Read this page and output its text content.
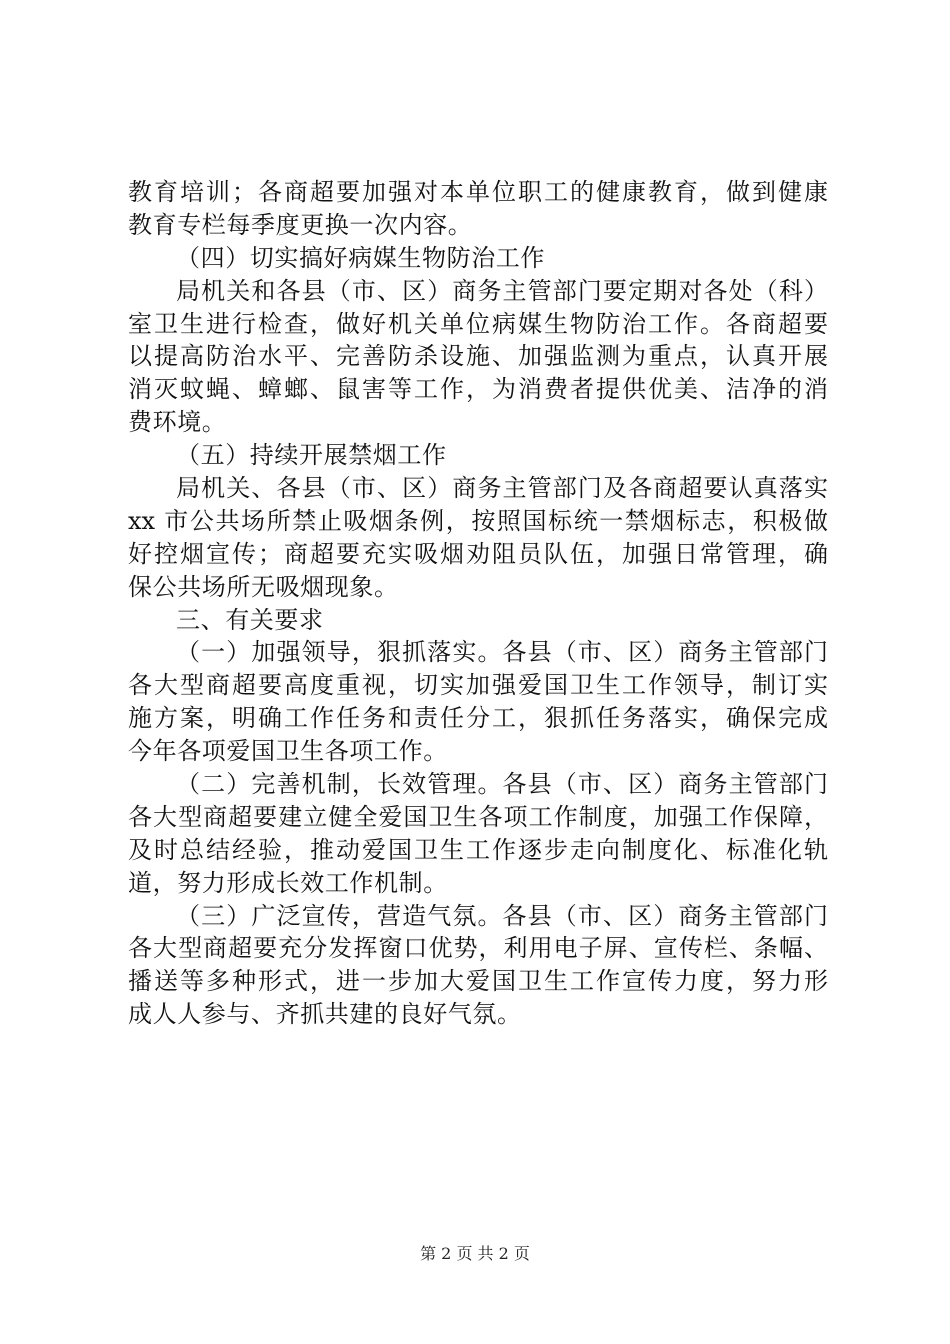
教育培训；各商超要加强对本单位职工的健康教育，做到健康
教育专栏每季度更换一次内容。
（四）切实搞好病媒生物防治工作
局机关和各县（市、区）商务主管部门要定期对各处（科）
室卫生进行检查，做好机关单位病媒生物防治工作。各商超要
以提高防治水平、完善防杀设施、加强监测为重点，认真开展
消灭蚊蝇、蟑螂、鼠害等工作，为消费者提供优美、洁净的消
费环境。
（五）持续开展禁烟工作
局机关、各县（市、区）商务主管部门及各商超要认真落实
xx 市公共场所禁止吸烟条例，按照国标统一禁烟标志，积极做
好控烟宣传；商超要充实吸烟劝阻员队伍，加强日常管理，确
保公共场所无吸烟现象。
三、有关要求
（一）加强领导，狠抓落实。各县（市、区）商务主管部门
各大型商超要高度重视，切实加强爱国卫生工作领导，制订实
施方案，明确工作任务和责任分工，狠抓任务落实，确保完成
今年各项爱国卫生各项工作。
（二）完善机制，长效管理。各县（市、区）商务主管部门
各大型商超要建立健全爱国卫生各项工作制度，加强工作保障，
及时总结经验，推动爱国卫生工作逐步走向制度化、标准化轨
道，努力形成长效工作机制。
（三）广泛宣传，营造气氛。各县（市、区）商务主管部门
各大型商超要充分发挥窗口优势，利用电子屏、宣传栏、条幅、
播送等多种形式，进一步加大爱国卫生工作宣传力度，努力形
成人人参与、齐抓共建的良好气氛。
第 2 页 共 2 页
